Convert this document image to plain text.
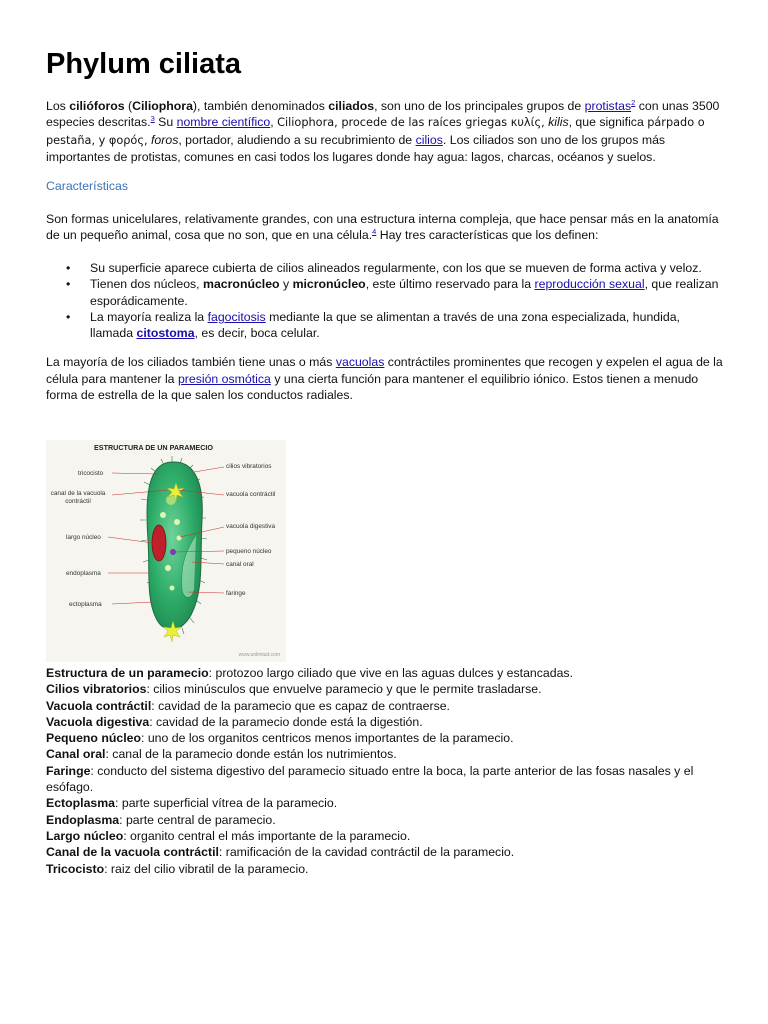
Phylum ciliata

Los cilióforos (Ciliophora), también denominados ciliados, son uno de los principales grupos de protistas$^2$ con unas 3500 especies descritas.$^3$ Su nombre científico, Ciliophora, procede de las raíces griegas κυλίς, kilis, que significa párpado o pestaña, y φορός, foros, portador, aludiendo a su recubrimiento de cilios. Los ciliados son uno de los grupos más importantes de protistas, comunes en casi todos los lugares donde hay agua: lagos, charcas, océanos y suelos.

Características

Son formas unicelulares, relativamente grandes, con una estructura interna compleja, que hace pensar más en la anatomía de un pequeño animal, cosa que no son, que en una célula.$^4$ Hay tres características que los definen:

• Su superficie aparece cubierta de cilios alineados regularmente, con los que se mueven de forma activa y veloz.
• Tienen dos núcleos, macronúcleo y micronúcleo, este último reservado para la reproducción sexual, que realizan esporádicamente.
• La mayoría realiza la fagocitosis mediante la que se alimentan a través de una zona especializada, hundida, llamada citostoma, es decir, boca celular.

La mayoría de los ciliados también tiene unas o más vacuolas contráctiles prominentes que recogen y expelen el agua de la célula para mantener la presión osmótica y una cierta función para mantener el equilibrio iónico. Estos tienen a menudo forma de estrella de la que salen los conductos radiales.

ESTRUCTURA DE UN PARAMECIO
tricocisto
canal de la vacuola contráctil
largo núcleo
endoplasma
ectoplasma
cilios vibratorios
vacuola contráctil
vacuola digestiva
pequeno núcleo
canal oral
faringe
www.unlimiud.com
Estructura de un paramecio: protozoo largo ciliado que vive en las aguas dulces y estancadas.
Cilios vibratorios: cilios minúsculos que envuelve paramecio y que le permite trasladarse.
Vacuola contráctil: cavidad de la paramecio que es capaz de contraerse.
Vacuola digestiva: cavidad de la paramecio donde está la digestión.
Pequeno núcleo: uno de los organitos centricos menos importantes de la paramecio.
Canal oral: canal de la paramecio donde están los nutrimientos.
Faringe: conducto del sistema digestivo del paramecio situado entre la boca, la parte anterior de las fosas nasales y el esófago.
Ectoplasma: parte superficial vítrea de la paramecio.
Endoplasma: parte central de paramecio.
Largo núcleo: organito central el más importante de la paramecio.
Canal de la vacuola contráctil: ramificación de la cavidad contráctil de la paramecio.
Tricocisto: raiz del cilio vibratil de la paramecio.
